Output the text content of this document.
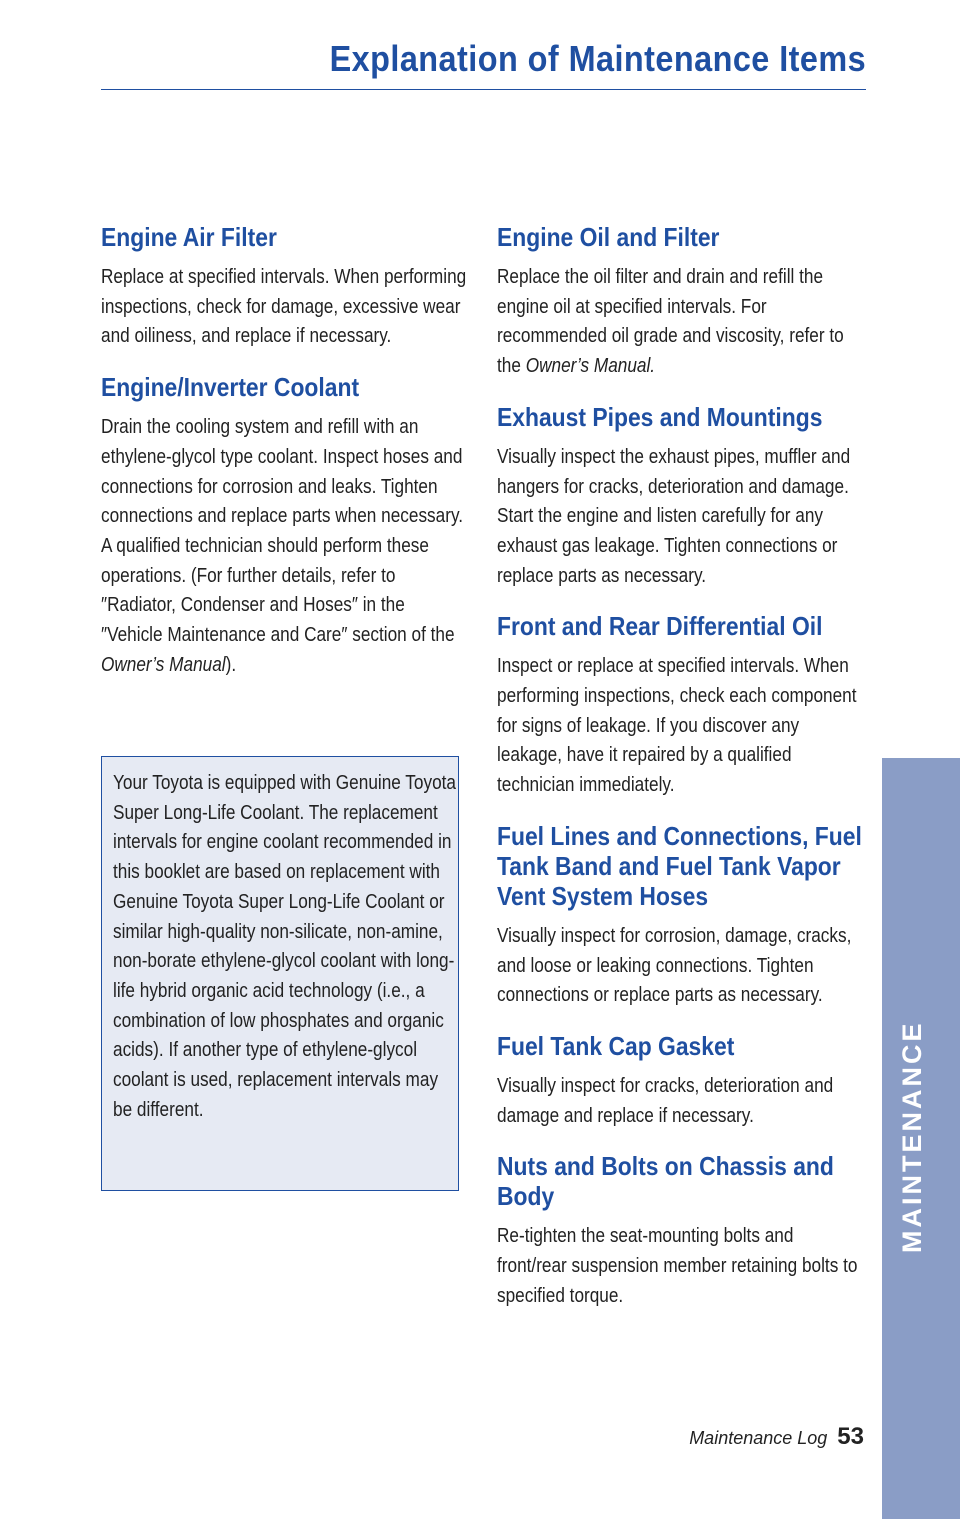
Explanation of Maintenance Items
Engine Air Filter

Replace at specified intervals. When performing inspections, check for damage, excessive wear and oiliness, and replace if necessary.

Engine/Inverter Coolant

Drain the cooling system and refill with an ethylene-glycol type coolant. Inspect hoses and connections for corrosion and leaks. Tighten connections and replace parts when necessary. A qualified technician should perform these operations. (For further details, refer to ″Radiator, Condenser and Hoses″ in the ″Vehicle Maintenance and Care″ section of the Owner’s Manual).

Your Toyota is equipped with Genuine Toyota Super Long-Life Coolant. The replacement intervals for engine coolant recommended in this booklet are based on replacement with Genuine Toyota Super Long-Life Coolant or similar high-quality non-silicate, non-amine, non-borate ethylene-glycol coolant with long-life hybrid organic acid technology (i.e., a combination of low phosphates and organic acids). If another type of ethylene-glycol coolant is used, replacement intervals may be different.

Engine Oil and Filter

Replace the oil filter and drain and refill the engine oil at specified intervals. For recommended oil grade and viscosity, refer to the Owner’s Manual.

Exhaust Pipes and Mountings

Visually inspect the exhaust pipes, muffler and hangers for cracks, deterioration and damage. Start the engine and listen carefully for any exhaust gas leakage. Tighten connections or replace parts as necessary.

Front and Rear Differential Oil

Inspect or replace at specified intervals. When performing inspections, check each component for signs of leakage. If you discover any leakage, have it repaired by a qualified technician immediately.

Fuel Lines and Connections, Fuel Tank Band and Fuel Tank Vapor Vent System Hoses

Visually inspect for corrosion, damage, cracks, and loose or leaking connections. Tighten connections or replace parts as necessary.

Fuel Tank Cap Gasket

Visually inspect for cracks, deterioration and damage and replace if necessary.

Nuts and Bolts on Chassis and Body

Re-tighten the seat-mounting bolts and front/rear suspension member retaining bolts to specified torque.

MAINTENANCE
Maintenance Log 53
